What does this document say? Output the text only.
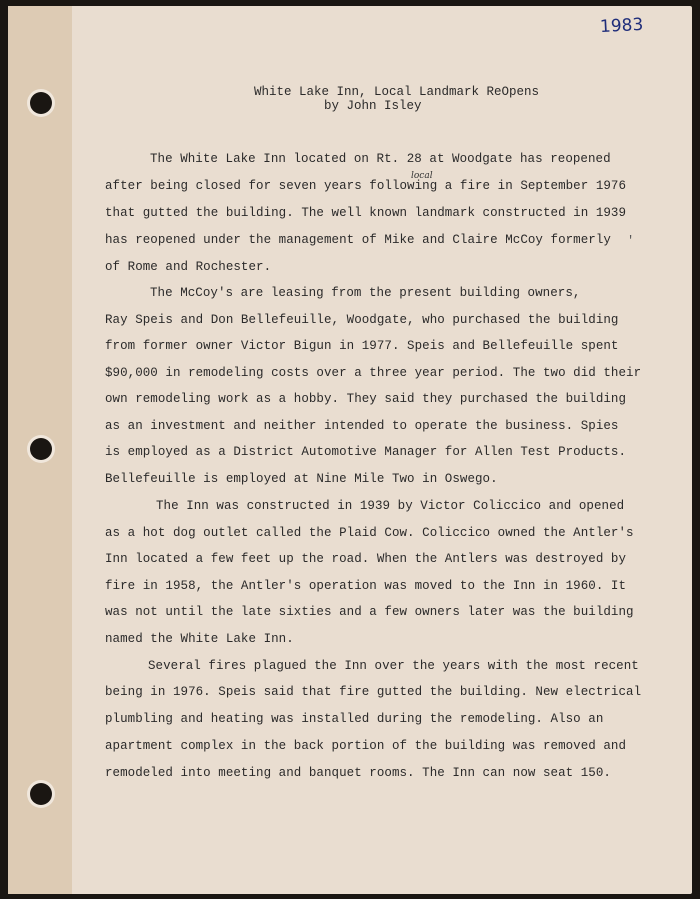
1983
White Lake Inn, Local Landmark ReOpens
by John Isley
local
'
The White Lake Inn located on Rt. 28 at Woodgate has reopened
after being closed for seven years following a fire in September 1976
that gutted the building. The well known landmark constructed in 1939
has reopened under the management of Mike and Claire McCoy formerly
of Rome and Rochester.
The McCoy's are leasing from the present building owners,
Ray Speis and Don Bellefeuille, Woodgate, who purchased the building
from former owner Victor Bigun in 1977. Speis and Bellefeuille spent
$90,000 in remodeling costs over a three year period. The two did their
own remodeling work as a hobby. They said they purchased the building
as an investment and neither intended to operate the business. Spies
is employed as a District Automotive Manager for Allen Test Products.
Bellefeuille is employed at Nine Mile Two in Oswego.
The Inn was constructed in 1939 by Victor Coliccico and opened
as a hot dog outlet called the Plaid Cow. Coliccico owned the Antler's
Inn located a few feet up the road. When the Antlers was destroyed by
fire in 1958, the Antler's operation was moved to the Inn in 1960. It
was not until the late sixties and a few owners later was the building
named the White Lake Inn.
Several fires plagued the Inn over the years with the most recent
being in 1976. Speis said that fire gutted the building. New electrical
plumbling and heating was installed during the remodeling. Also an
apartment complex in the back portion of the building was removed and
remodeled into meeting and banquet rooms. The Inn can now seat 150.
